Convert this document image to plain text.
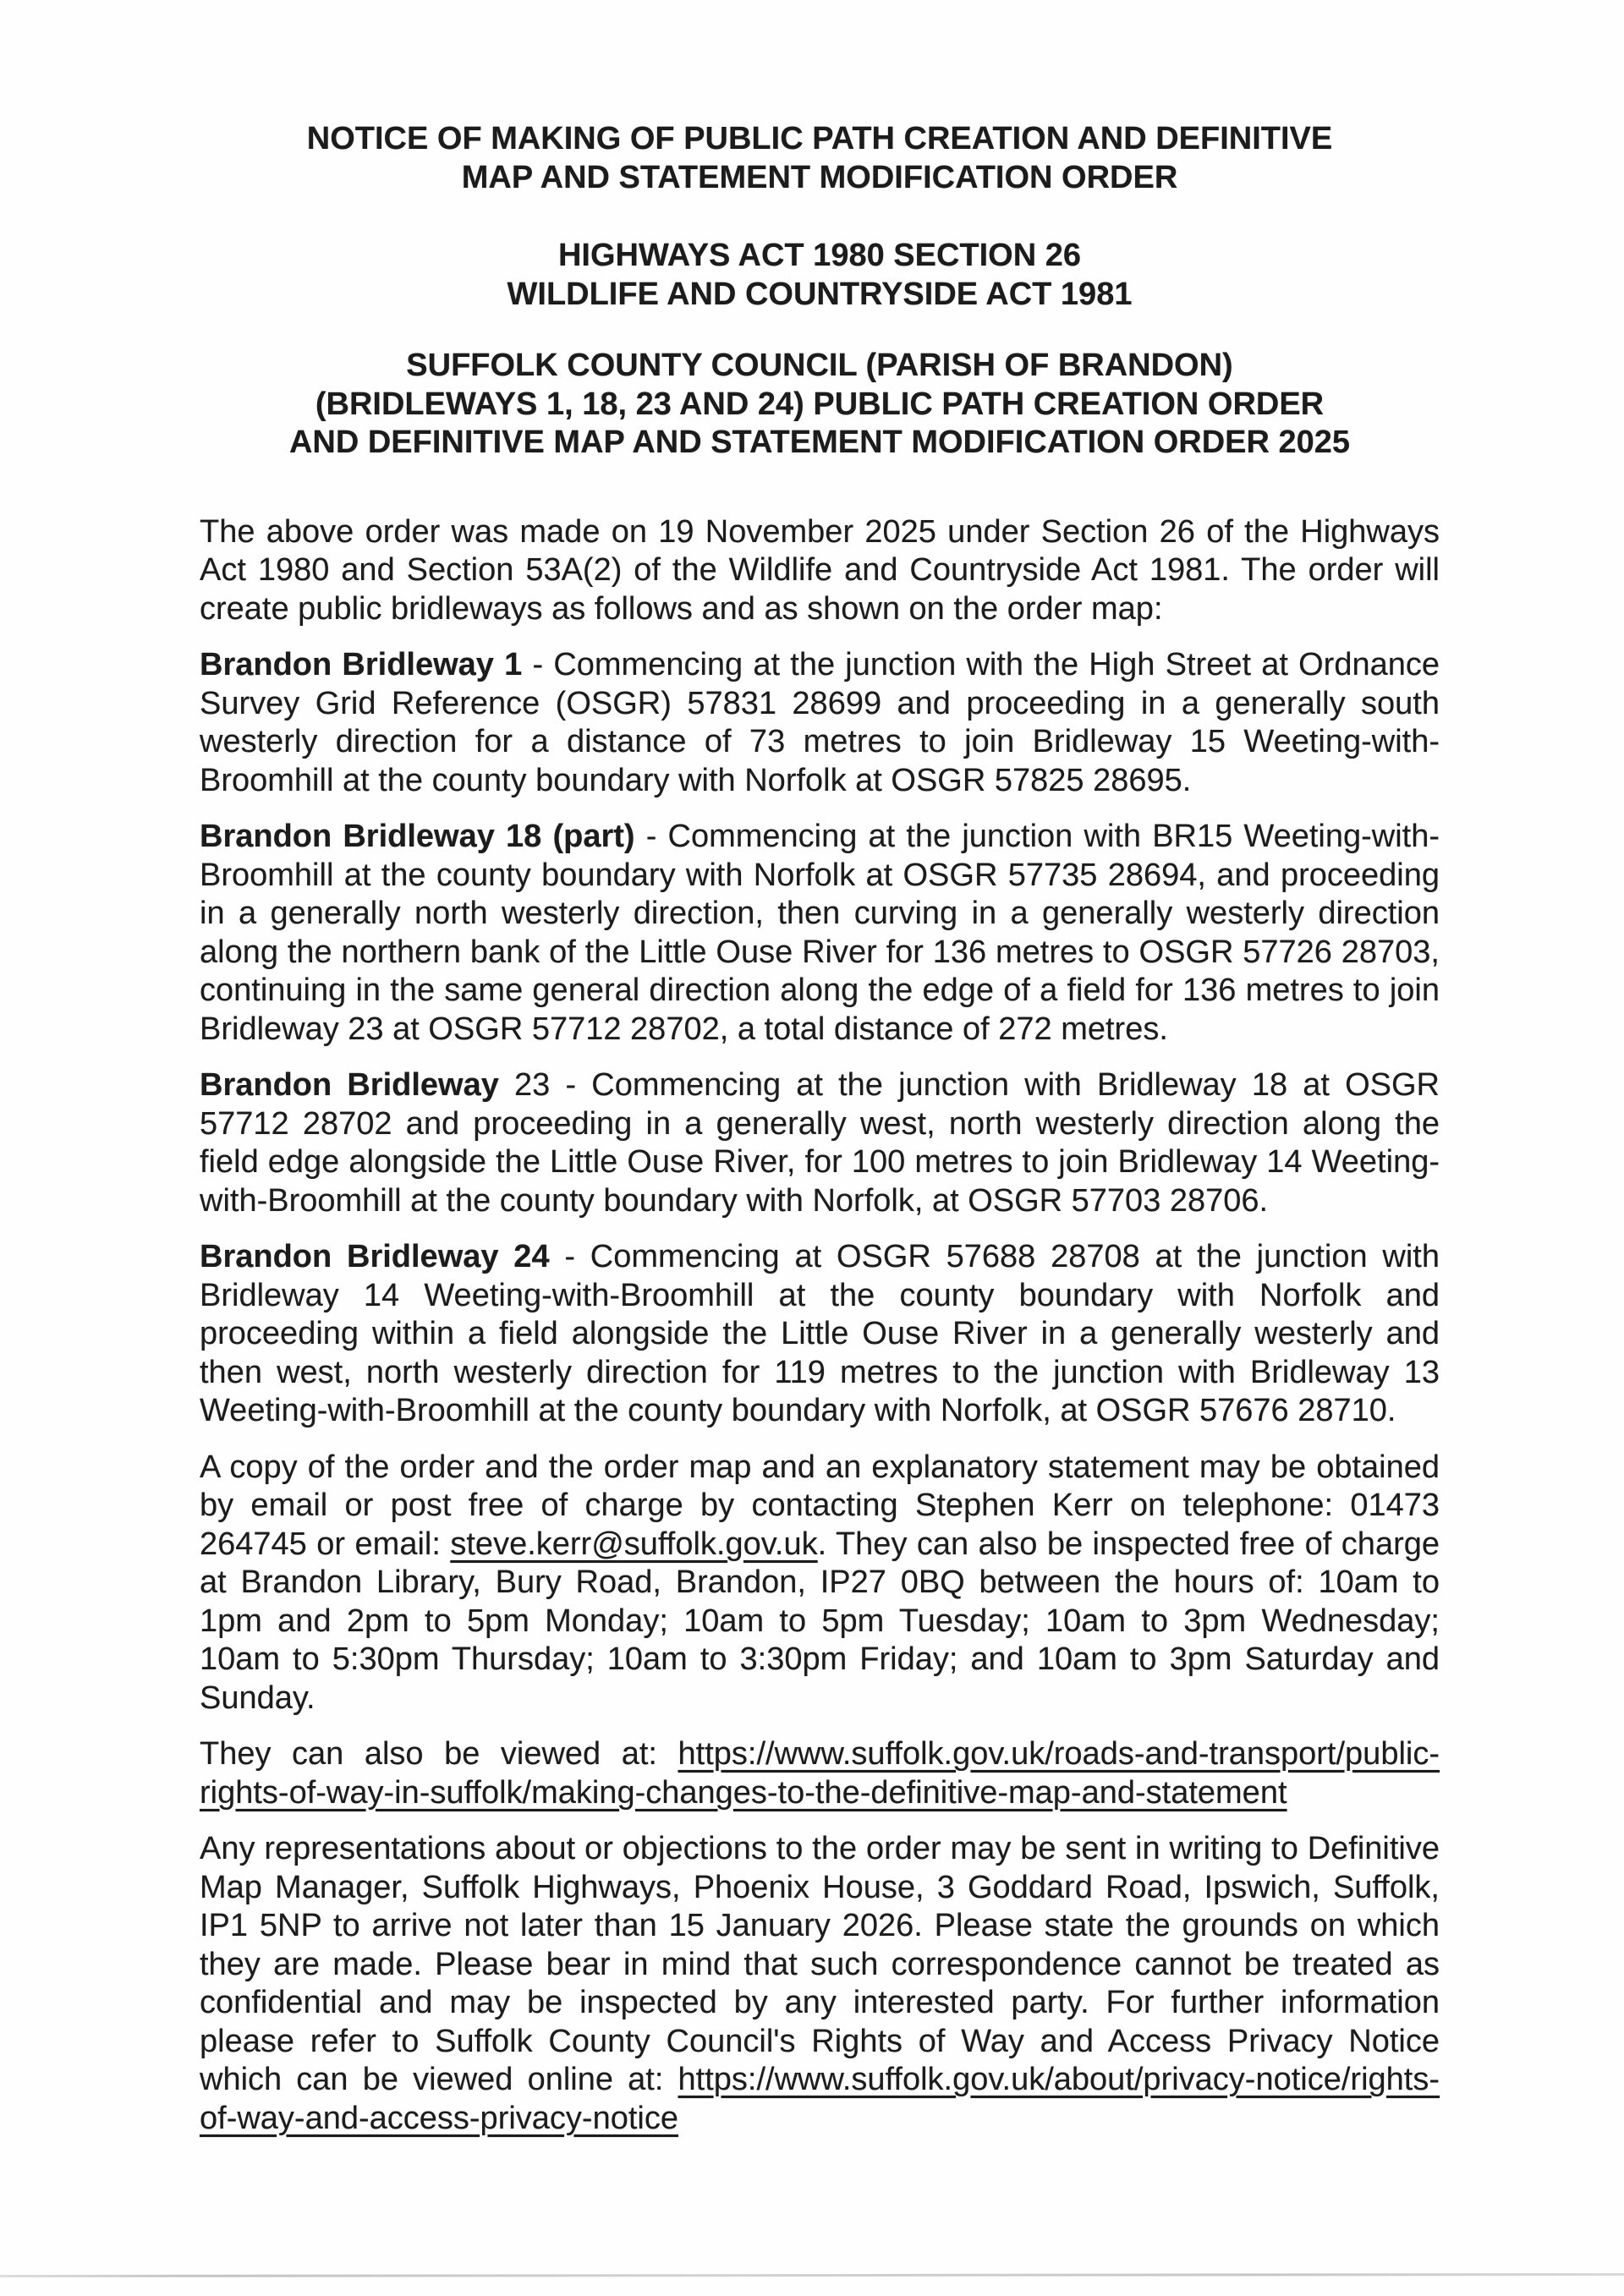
NOTICE OF MAKING OF PUBLIC PATH CREATION AND DEFINITIVE
MAP AND STATEMENT MODIFICATION ORDER
HIGHWAYS ACT 1980 SECTION 26
WILDLIFE AND COUNTRYSIDE ACT 1981
SUFFOLK COUNTY COUNCIL (PARISH OF BRANDON)
(BRIDLEWAYS 1, 18, 23 AND 24) PUBLIC PATH CREATION ORDER
AND DEFINITIVE MAP AND STATEMENT MODIFICATION ORDER 2025
The above order was made on 19 November 2025 under Section 26 of the Highways Act 1980 and Section 53A(2) of the Wildlife and Countryside Act 1981. The order will create public bridleways as follows and as shown on the order map:
Brandon Bridleway 1 - Commencing at the junction with the High Street at Ordnance Survey Grid Reference (OSGR) 57831 28699 and proceeding in a generally south westerly direction for a distance of 73 metres to join Bridleway 15 Weeting-with-Broomhill at the county boundary with Norfolk at OSGR 57825 28695.
Brandon Bridleway 18 (part) - Commencing at the junction with BR15 Weeting-with-Broomhill at the county boundary with Norfolk at OSGR 57735 28694, and proceeding in a generally north westerly direction, then curving in a generally westerly direction along the northern bank of the Little Ouse River for 136 metres to OSGR 57726 28703, continuing in the same general direction along the edge of a field for 136 metres to join Bridleway 23 at OSGR 57712 28702, a total distance of 272 metres.
Brandon Bridleway 23 - Commencing at the junction with Bridleway 18 at OSGR 57712 28702 and proceeding in a generally west, north westerly direction along the field edge alongside the Little Ouse River, for 100 metres to join Bridleway 14 Weeting-with-Broomhill at the county boundary with Norfolk, at OSGR 57703 28706.
Brandon Bridleway 24 - Commencing at OSGR 57688 28708 at the junction with Bridleway 14 Weeting-with-Broomhill at the county boundary with Norfolk and proceeding within a field alongside the Little Ouse River in a generally westerly and then west, north westerly direction for 119 metres to the junction with Bridleway 13 Weeting-with-Broomhill at the county boundary with Norfolk, at OSGR 57676 28710.
A copy of the order and the order map and an explanatory statement may be obtained by email or post free of charge by contacting Stephen Kerr on telephone: 01473 264745 or email: steve.kerr@suffolk.gov.uk. They can also be inspected free of charge at Brandon Library, Bury Road, Brandon, IP27 0BQ between the hours of: 10am to 1pm and 2pm to 5pm Monday; 10am to 5pm Tuesday; 10am to 3pm Wednesday; 10am to 5:30pm Thursday; 10am to 3:30pm Friday; and 10am to 3pm Saturday and Sunday.
They can also be viewed at: https://www.suffolk.gov.uk/roads-and-transport/public-rights-of-way-in-suffolk/making-changes-to-the-definitive-map-and-statement
Any representations about or objections to the order may be sent in writing to Definitive Map Manager, Suffolk Highways, Phoenix House, 3 Goddard Road, Ipswich, Suffolk, IP1 5NP to arrive not later than 15 January 2026. Please state the grounds on which they are made. Please bear in mind that such correspondence cannot be treated as confidential and may be inspected by any interested party. For further information please refer to Suffolk County Council's Rights of Way and Access Privacy Notice which can be viewed online at: https://www.suffolk.gov.uk/about/privacy-notice/rights-of-way-and-access-privacy-notice
